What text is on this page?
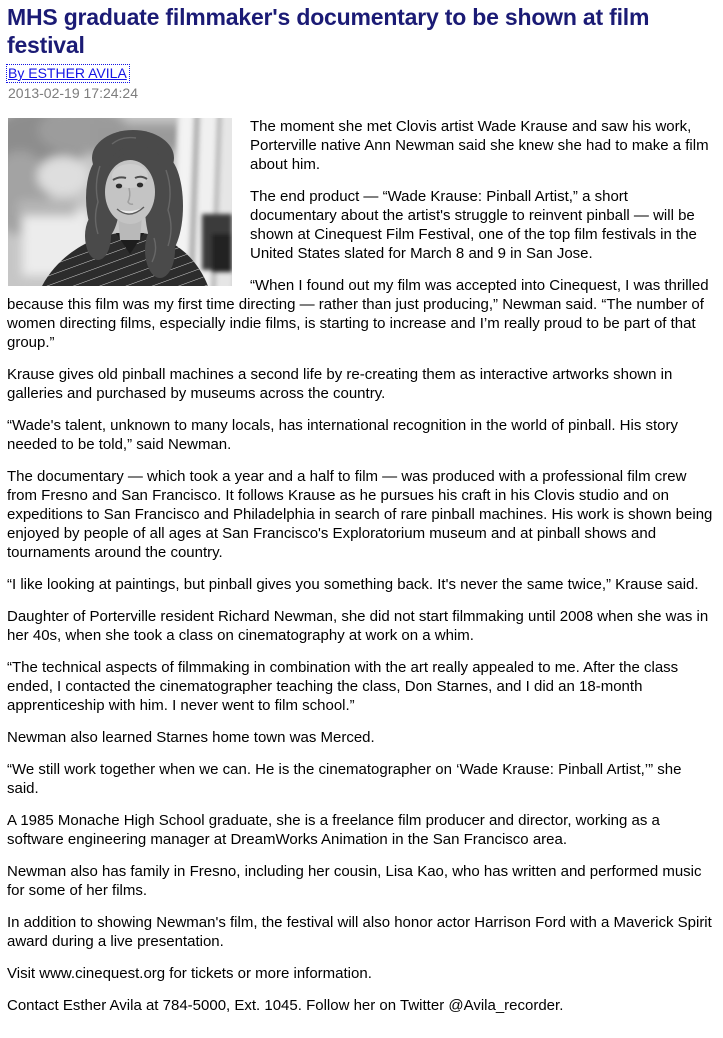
MHS graduate filmmaker's documentary to be shown at film festival
By ESTHER AVILA
2013-02-19 17:24:24

The moment she met Clovis artist Wade Krause and saw his work, Porterville native Ann Newman said she knew she had to make a film about him.

The end product — “Wade Krause: Pinball Artist,” a short documentary about the artist's struggle to reinvent pinball — will be shown at Cinequest Film Festival, one of the top film festivals in the United States slated for March 8 and 9 in San Jose.

“When I found out my film was accepted into Cinequest, I was thrilled because this film was my first time directing — rather than just producing,” Newman said. “The number of women directing films, especially indie films, is starting to increase and I’m really proud to be part of that group.”

Krause gives old pinball machines a second life by re-creating them as interactive artworks shown in galleries and purchased by museums across the country.

“Wade's talent, unknown to many locals, has international recognition in the world of pinball. His story needed to be told,” said Newman.

The documentary — which took a year and a half to film — was produced with a professional film crew from Fresno and San Francisco. It follows Krause as he pursues his craft in his Clovis studio and on expeditions to San Francisco and Philadelphia in search of rare pinball machines. His work is shown being enjoyed by people of all ages at San Francisco's Exploratorium museum and at pinball shows and tournaments around the country.

“I like looking at paintings, but pinball gives you something back. It's never the same twice,” Krause said.

Daughter of Porterville resident Richard Newman, she did not start filmmaking until 2008 when she was in her 40s, when she took a class on cinematography at work on a whim.

“The technical aspects of filmmaking in combination with the art really appealed to me. After the class ended, I contacted the cinematographer teaching the class, Don Starnes, and I did an 18-month apprenticeship with him. I never went to film school.”

Newman also learned Starnes home town was Merced.

“We still work together when we can. He is the cinematographer on ‘Wade Krause: Pinball Artist,’” she said.

A 1985 Monache High School graduate, she is a freelance film producer and director, working as a software engineering manager at DreamWorks Animation in the San Francisco area.

Newman also has family in Fresno, including her cousin, Lisa Kao, who has written and performed music for some of her films.

In addition to showing Newman's film, the festival will also honor actor Harrison Ford with a Maverick Spirit award during a live presentation.

Visit www.cinequest.org for tickets or more information.

Contact Esther Avila at 784-5000, Ext. 1045. Follow her on Twitter @Avila_recorder.
